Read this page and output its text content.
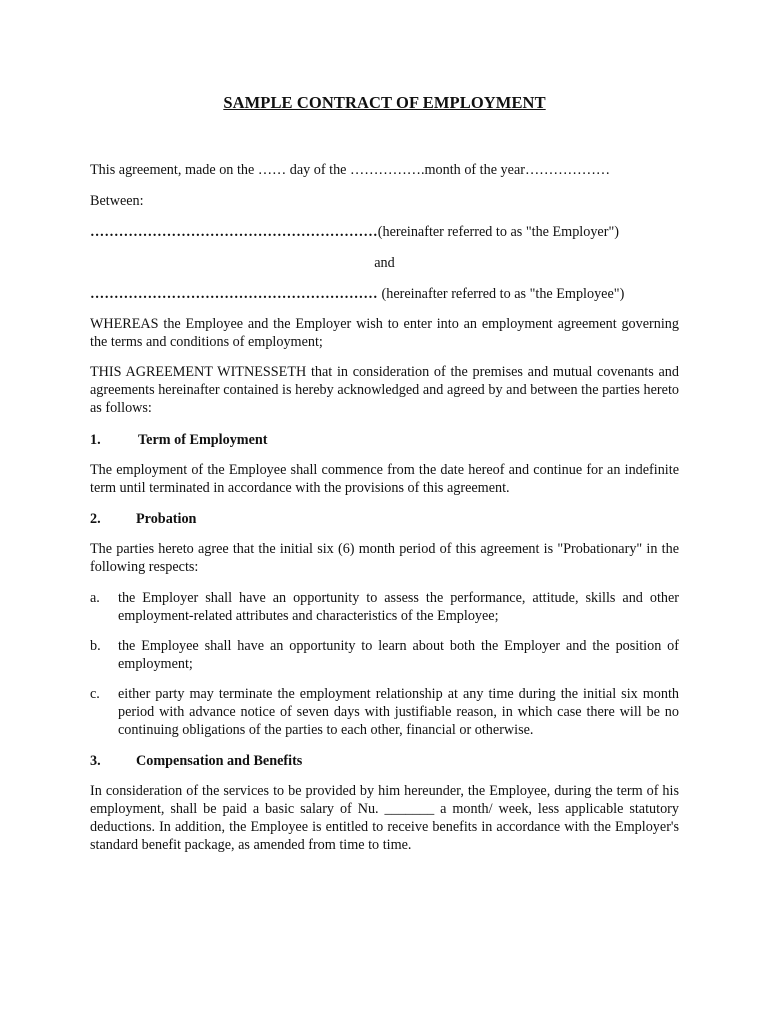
SAMPLE CONTRACT OF EMPLOYMENT
This agreement, made on the …… day of the …………….month of the year………………
Between:
……………………………………………………(hereinafter referred to as "the Employer")
and
…………………………………………………… (hereinafter referred to as "the Employee")
WHEREAS the Employee and the Employer wish to enter into an employment agreement governing the terms and conditions of employment;
THIS AGREEMENT WITNESSETH that in consideration of the premises and mutual covenants and agreements hereinafter contained is hereby acknowledged and agreed by and between the parties hereto as follows:
1.	Term of Employment
The employment of the Employee shall commence from the date hereof and continue for an indefinite term until terminated in accordance with the provisions of this agreement.
2. Probation
The parties hereto agree that the initial six (6) month period of this agreement is "Probationary" in the following respects:
a. the Employer shall have an opportunity to assess the performance, attitude, skills and other employment-related attributes and characteristics of the Employee;
b. the Employee shall have an opportunity to learn about both the Employer and the position of employment;
c. either party may terminate the employment relationship at any time during the initial six month period with advance notice of seven days with justifiable reason, in which case there will be no continuing obligations of the parties to each other, financial or otherwise.
3. Compensation and Benefits
In consideration of the services to be provided by him hereunder, the Employee, during the term of his employment, shall be paid a basic salary of Nu. _______ a month/ week, less applicable statutory deductions. In addition, the Employee is entitled to receive benefits in accordance with the Employer's standard benefit package, as amended from time to time.
